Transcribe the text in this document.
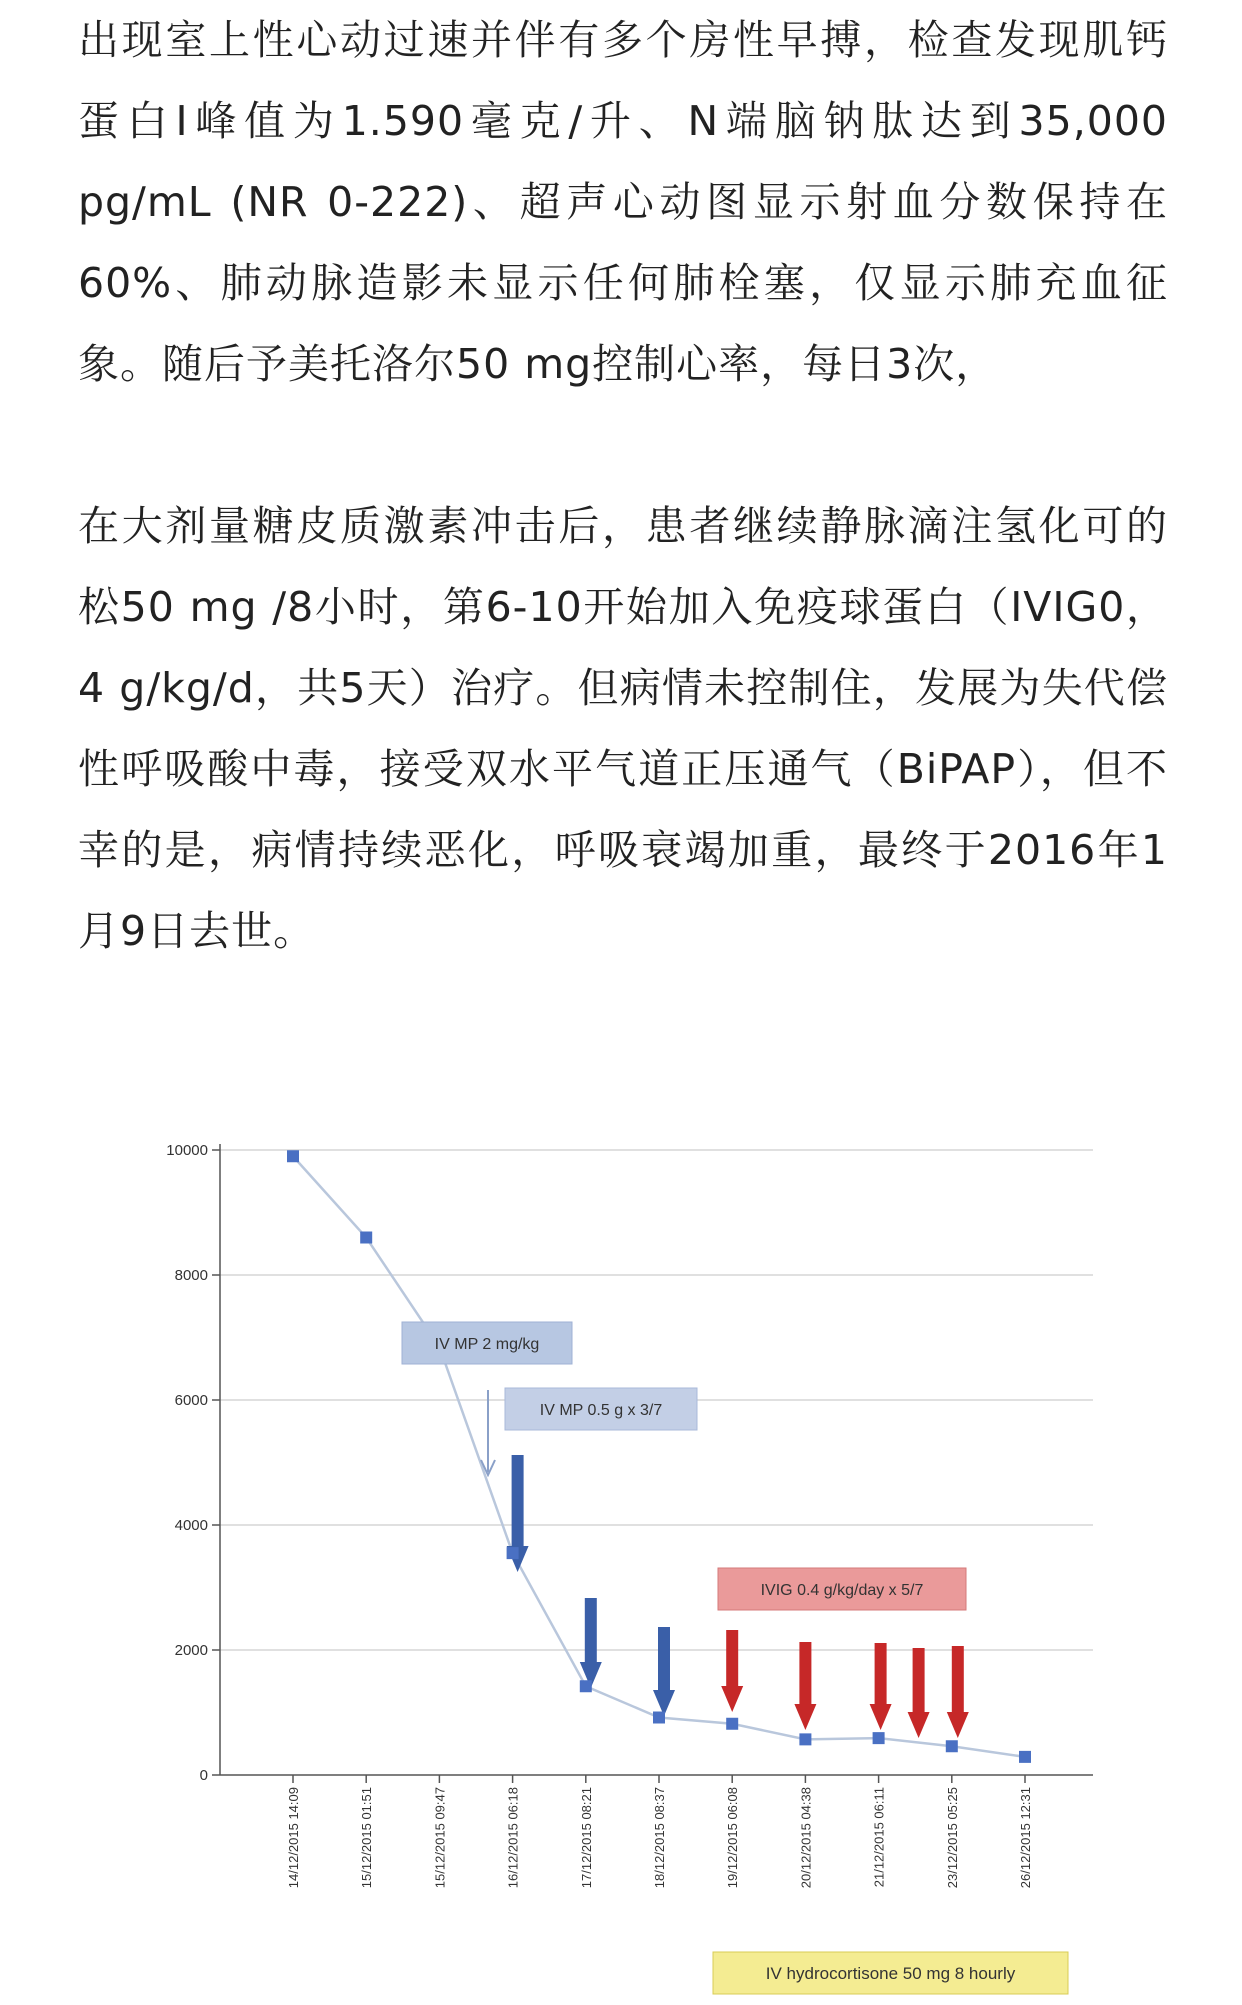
出现室上性心动过速并伴有多个房性早搏，检查发现肌钙蛋白I峰值为1.590毫克/升、N端脑钠肽达到35,000 pg/mL (NR 0-222)、超声心动图显示射血分数保持在60%、肺动脉造影未显示任何肺栓塞，仅显示肺充血征象。随后予美托洛尔50 mg控制心率，每日3次，

在大剂量糖皮质激素冲击后，患者继续静脉滴注氢化可的松50 mg /8小时，第6-10开始加入免疫球蛋白（IVIG0，4 g/kg/d，共5天）治疗。但病情未控制住，发展为失代偿性呼吸酸中毒，接受双水平气道正压通气（BiPAP），但不幸的是，病情持续恶化，呼吸衰竭加重，最终于2016年1月9日去世。

0
2000
4000
6000
8000
10000
14/12/2015 14:09	15/12/2015 01:51	15/12/2015 09:47	16/12/2015 06:18	17/12/2015 08:21	18/12/2015 08:37	19/12/2015 06:08	20/12/2015 04:38	21/12/2015 06:11	23/12/2015 05:25	26/12/2015 12:31
IV MP 2 mg/kg
IV MP 0.5 g x 3/7
IVIG 0.4 g/kg/day x 5/7
IV hydrocortisone 50 mg 8 hourly
